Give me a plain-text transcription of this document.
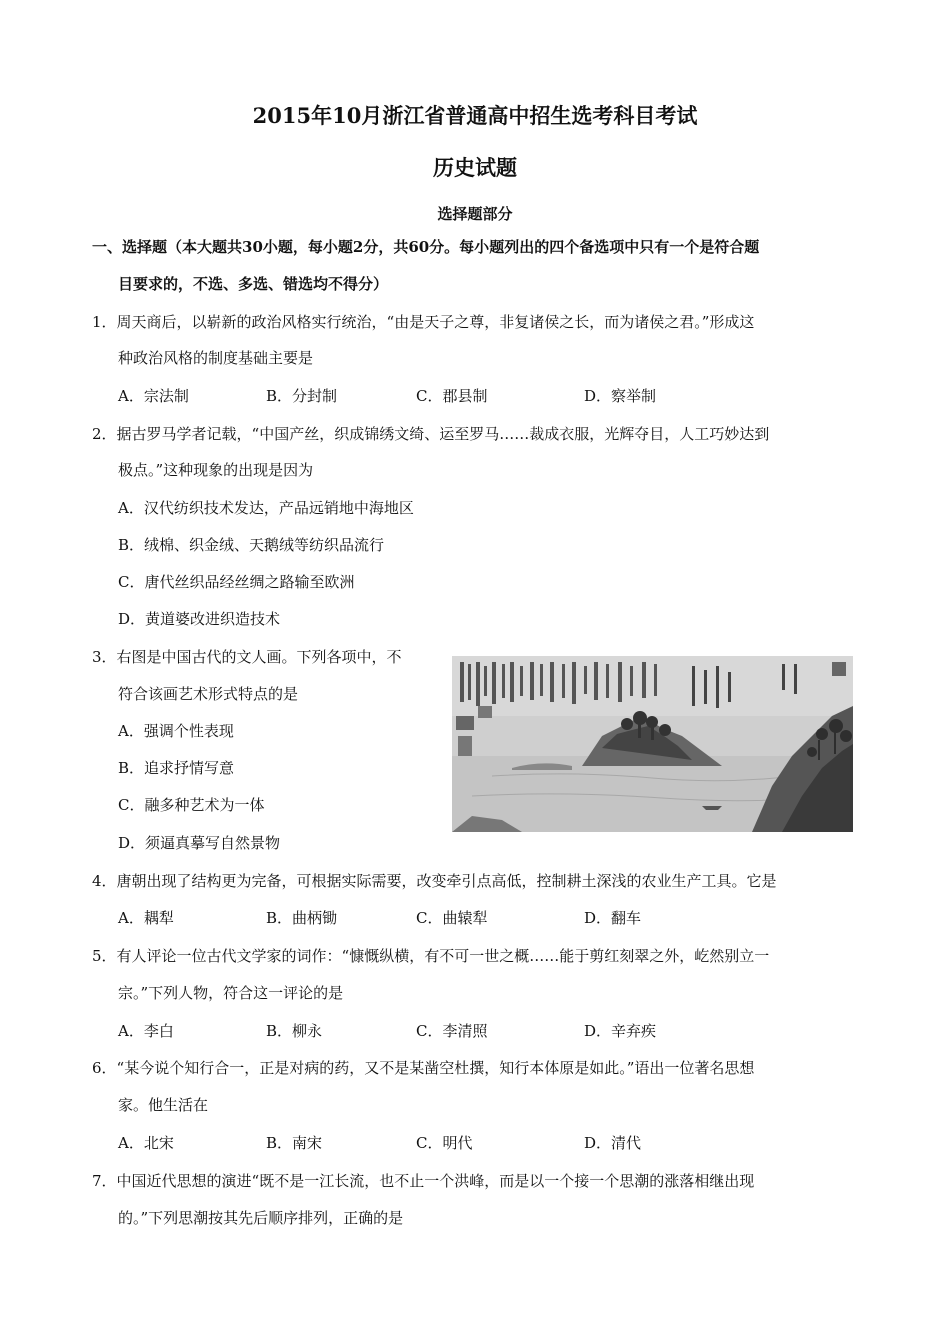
2015年10月浙江省普通高中招生选考科目考试
历史试题
选择题部分
一、选择题（本大题共30小题，每小题2分，共60分。每小题列出的四个备选项中只有一个是符合题
目要求的，不选、多选、错选均不得分）
1．周天商后，以崭新的政治风格实行统治，“由是天子之尊，非复诸侯之长，而为诸侯之君。”形成这
种政治风格的制度基础主要是
A．宗法制	B．分封制	C．郡县制	D．察举制
2．据古罗马学者记载，“中国产丝，织成锦绣文绮、运至罗马……裁成衣服，光辉夺目，人工巧妙达到
极点。”这种现象的出现是因为
A．汉代纺织技术发达，产品远销地中海地区
B．绒棉、织金绒、天鹅绒等纺织品流行
C．唐代丝织品经丝绸之路输至欧洲
D．黄道婆改进织造技术
3．右图是中国古代的文人画。下列各项中，不
符合该画艺术形式特点的是
A．强调个性表现
B．追求抒情写意
C．融多种艺术为一体
D．须逼真摹写自然景物
4．唐朝出现了结构更为完备，可根据实际需要，改变牵引点高低，控制耕土深浅的农业生产工具。它是
A．耦犁	B．曲柄锄	C．曲辕犁	D．翻车
5．有人评论一位古代文学家的词作：“慷慨纵横，有不可一世之概……能于剪红刻翠之外，屹然别立一
宗。”下列人物，符合这一评论的是
A．李白	B．柳永	C．李清照	D．辛弃疾
6．“某今说个知行合一，正是对病的药，又不是某凿空杜撰，知行本体原是如此。”语出一位著名思想
家。他生活在
A．北宋	B．南宋	C．明代	D．清代
7．中国近代思想的演进“既不是一江长流，也不止一个洪峰，而是以一个接一个思潮的涨落相继出现
的。”下列思潮按其先后顺序排列，正确的是
